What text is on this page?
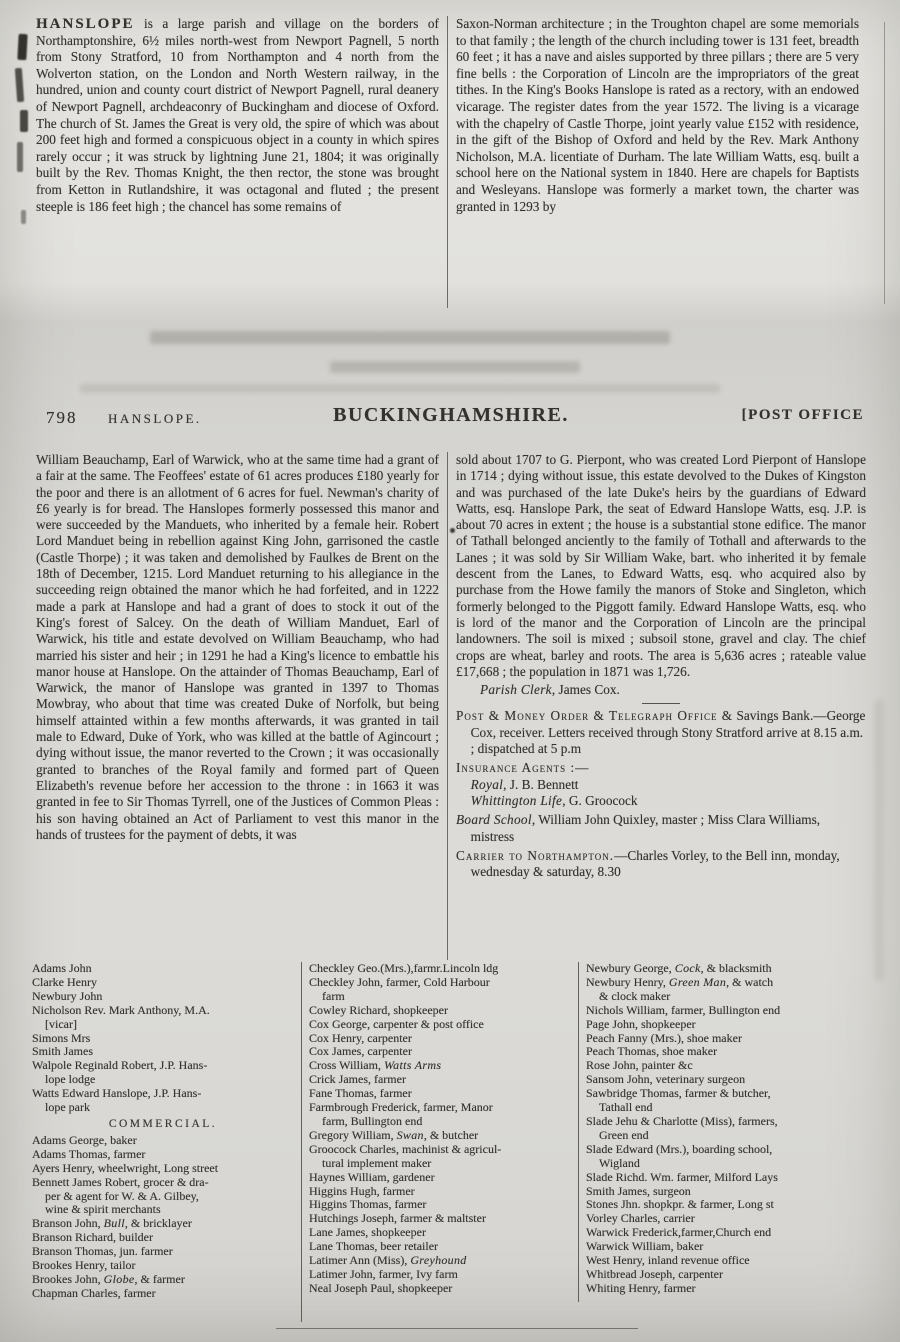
HANSLOPE is a large parish and village on the borders of Northamptonshire, 6½ miles north-west from Newport Pagnell, 5 north from Stony Stratford, 10 from Northampton and 4 north from the Wolverton station, on the London and North Western railway, in the hundred, union and county court district of Newport Pagnell, rural deanery of Newport Pagnell, archdeaconry of Buckingham and diocese of Oxford. The church of St. James the Great is very old, the spire of which was about 200 feet high and formed a conspicuous object in a county in which spires rarely occur ; it was struck by lightning June 21, 1804; it was originally built by the Rev. Thomas Knight, the then rector, the stone was brought from Ketton in Rutlandshire, it was octagonal and fluted ; the present steeple is 186 feet high ; the chancel has some remains of

Saxon-Norman architecture ; in the Troughton chapel are some memorials to that family ; the length of the church including tower is 131 feet, breadth 60 feet ; it has a nave and aisles supported by three pillars ; there are 5 very fine bells : the Corporation of Lincoln are the impropriators of the great tithes. In the King's Books Hanslope is rated as a rectory, with an endowed vicarage. The register dates from the year 1572. The living is a vicarage with the chapelry of Castle Thorpe, joint yearly value £152 with residence, in the gift of the Bishop of Oxford and held by the Rev. Mark Anthony Nicholson, M.A. licentiate of Durham. The late William Watts, esq. built a school here on the National system in 1840. Here are chapels for Baptists and Wesleyans. Hanslope was formerly a market town, the charter was granted in 1293 by

798 HANSLOPE.	BUCKINGHAMSHIRE.	[POST OFFICE

William Beauchamp, Earl of Warwick, who at the same time had a grant of a fair at the same. The Feoffees' estate of 61 acres produces £180 yearly for the poor and there is an allotment of 6 acres for fuel. Newman's charity of £6 yearly is for bread. The Hanslopes formerly possessed this manor and were succeeded by the Manduets, who inherited by a female heir. Robert Lord Manduet being in rebellion against King John, garrisoned the castle (Castle Thorpe) ; it was taken and demolished by Faulkes de Brent on the 18th of December, 1215. Lord Manduet returning to his allegiance in the succeeding reign obtained the manor which he had forfeited, and in 1222 made a park at Hanslope and had a grant of does to stock it out of the King's forest of Salcey. On the death of William Manduet, Earl of Warwick, his title and estate devolved on William Beauchamp, who had married his sister and heir ; in 1291 he had a King's licence to embattle his manor house at Hanslope. On the attainder of Thomas Beauchamp, Earl of Warwick, the manor of Hanslope was granted in 1397 to Thomas Mowbray, who about that time was created Duke of Norfolk, but being himself attainted within a few months afterwards, it was granted in tail male to Edward, Duke of York, who was killed at the battle of Agincourt ; dying without issue, the manor reverted to the Crown ; it was occasionally granted to branches of the Royal family and formed part of Queen Elizabeth's revenue before her accession to the throne : in 1663 it was granted in fee to Sir Thomas Tyrrell, one of the Justices of Common Pleas : his son having obtained an Act of Parliament to vest this manor in the hands of trustees for the payment of debts, it was

sold about 1707 to G. Pierpont, who was created Lord Pierpont of Hanslope in 1714 ; dying without issue, this estate devolved to the Dukes of Kingston and was purchased of the late Duke's heirs by the guardians of Edward Watts, esq. Hanslope Park, the seat of Edward Hanslope Watts, esq. J.P. is about 70 acres in extent ; the house is a substantial stone edifice. The manor of Tathall belonged anciently to the family of Tothall and afterwards to the Lanes ; it was sold by Sir William Wake, bart. who inherited it by female descent from the Lanes, to Edward Watts, esq. who acquired also by purchase from the Howe family the manors of Stoke and Singleton, which formerly belonged to the Piggott family. Edward Hanslope Watts, esq. who is lord of the manor and the Corporation of Lincoln are the principal landowners. The soil is mixed ; subsoil stone, gravel and clay. The chief crops are wheat, barley and roots. The area is 5,636 acres ; rateable value £17,668 ; the population in 1871 was 1,726.

Parish Clerk, James Cox.

Post & Money Order & Telegraph Office & Savings Bank.—George Cox, receiver. Letters received through Stony Stratford arrive at 8.15 a.m. ; dispatched at 5 p.m

Insurance Agents :—

Royal, J. B. Bennett

Whittington Life, G. Groocock

Board School, William John Quixley, master ; Miss Clara Williams, mistress

Carrier to Northampton.—Charles Vorley, to the Bell inn, monday, wednesday & saturday, 8.30

Adams John
Clarke Henry
Newbury John
Nicholson Rev. Mark Anthony, M.A.
[vicar]
Simons Mrs
Smith James
Walpole Reginald Robert, J.P. Hans-
lope lodge
Watts Edward Hanslope, J.P. Hans-
lope park
COMMERCIAL.
Adams George, baker
Adams Thomas, farmer
Ayers Henry, wheelwright, Long street
Bennett James Robert, grocer & dra-
per & agent for W. & A. Gilbey,
wine & spirit merchants
Branson John, Bull, & bricklayer
Branson Richard, builder
Branson Thomas, jun. farmer
Brookes Henry, tailor
Brookes John, Globe, & farmer
Chapman Charles, farmer
Checkley Geo.(Mrs.),farmr.Lincoln ldg
Checkley John, farmer, Cold Harbour
farm
Cowley Richard, shopkeeper
Cox George, carpenter & post office
Cox Henry, carpenter
Cox James, carpenter
Cross William, Watts Arms
Crick James, farmer
Fane Thomas, farmer
Farmbrough Frederick, farmer, Manor
farm, Bullington end
Gregory William, Swan, & butcher
Groocock Charles, machinist & agricul-
tural implement maker
Haynes William, gardener
Higgins Hugh, farmer
Higgins Thomas, farmer
Hutchings Joseph, farmer & maltster
Lane James, shopkeeper
Lane Thomas, beer retailer
Latimer Ann (Miss), Greyhound
Latimer John, farmer, Ivy farm
Neal Joseph Paul, shopkeeper
Newbury George, Cock, & blacksmith
Newbury Henry, Green Man, & watch
& clock maker
Nichols William, farmer, Bullington end
Page John, shopkeeper
Peach Fanny (Mrs.), shoe maker
Peach Thomas, shoe maker
Rose John, painter &c
Sansom John, veterinary surgeon
Sawbridge Thomas, farmer & butcher,
Tathall end
Slade Jehu & Charlotte (Miss), farmers,
Green end
Slade Edward (Mrs.), boarding school,
Wigland
Slade Richd. Wm. farmer, Milford Lays
Smith James, surgeon
Stones Jhn. shopkpr. & farmer, Long st
Vorley Charles, carrier
Warwick Frederick,farmer,Church end
Warwick William, baker
West Henry, inland revenue office
Whitbread Joseph, carpenter
Whiting Henry, farmer
